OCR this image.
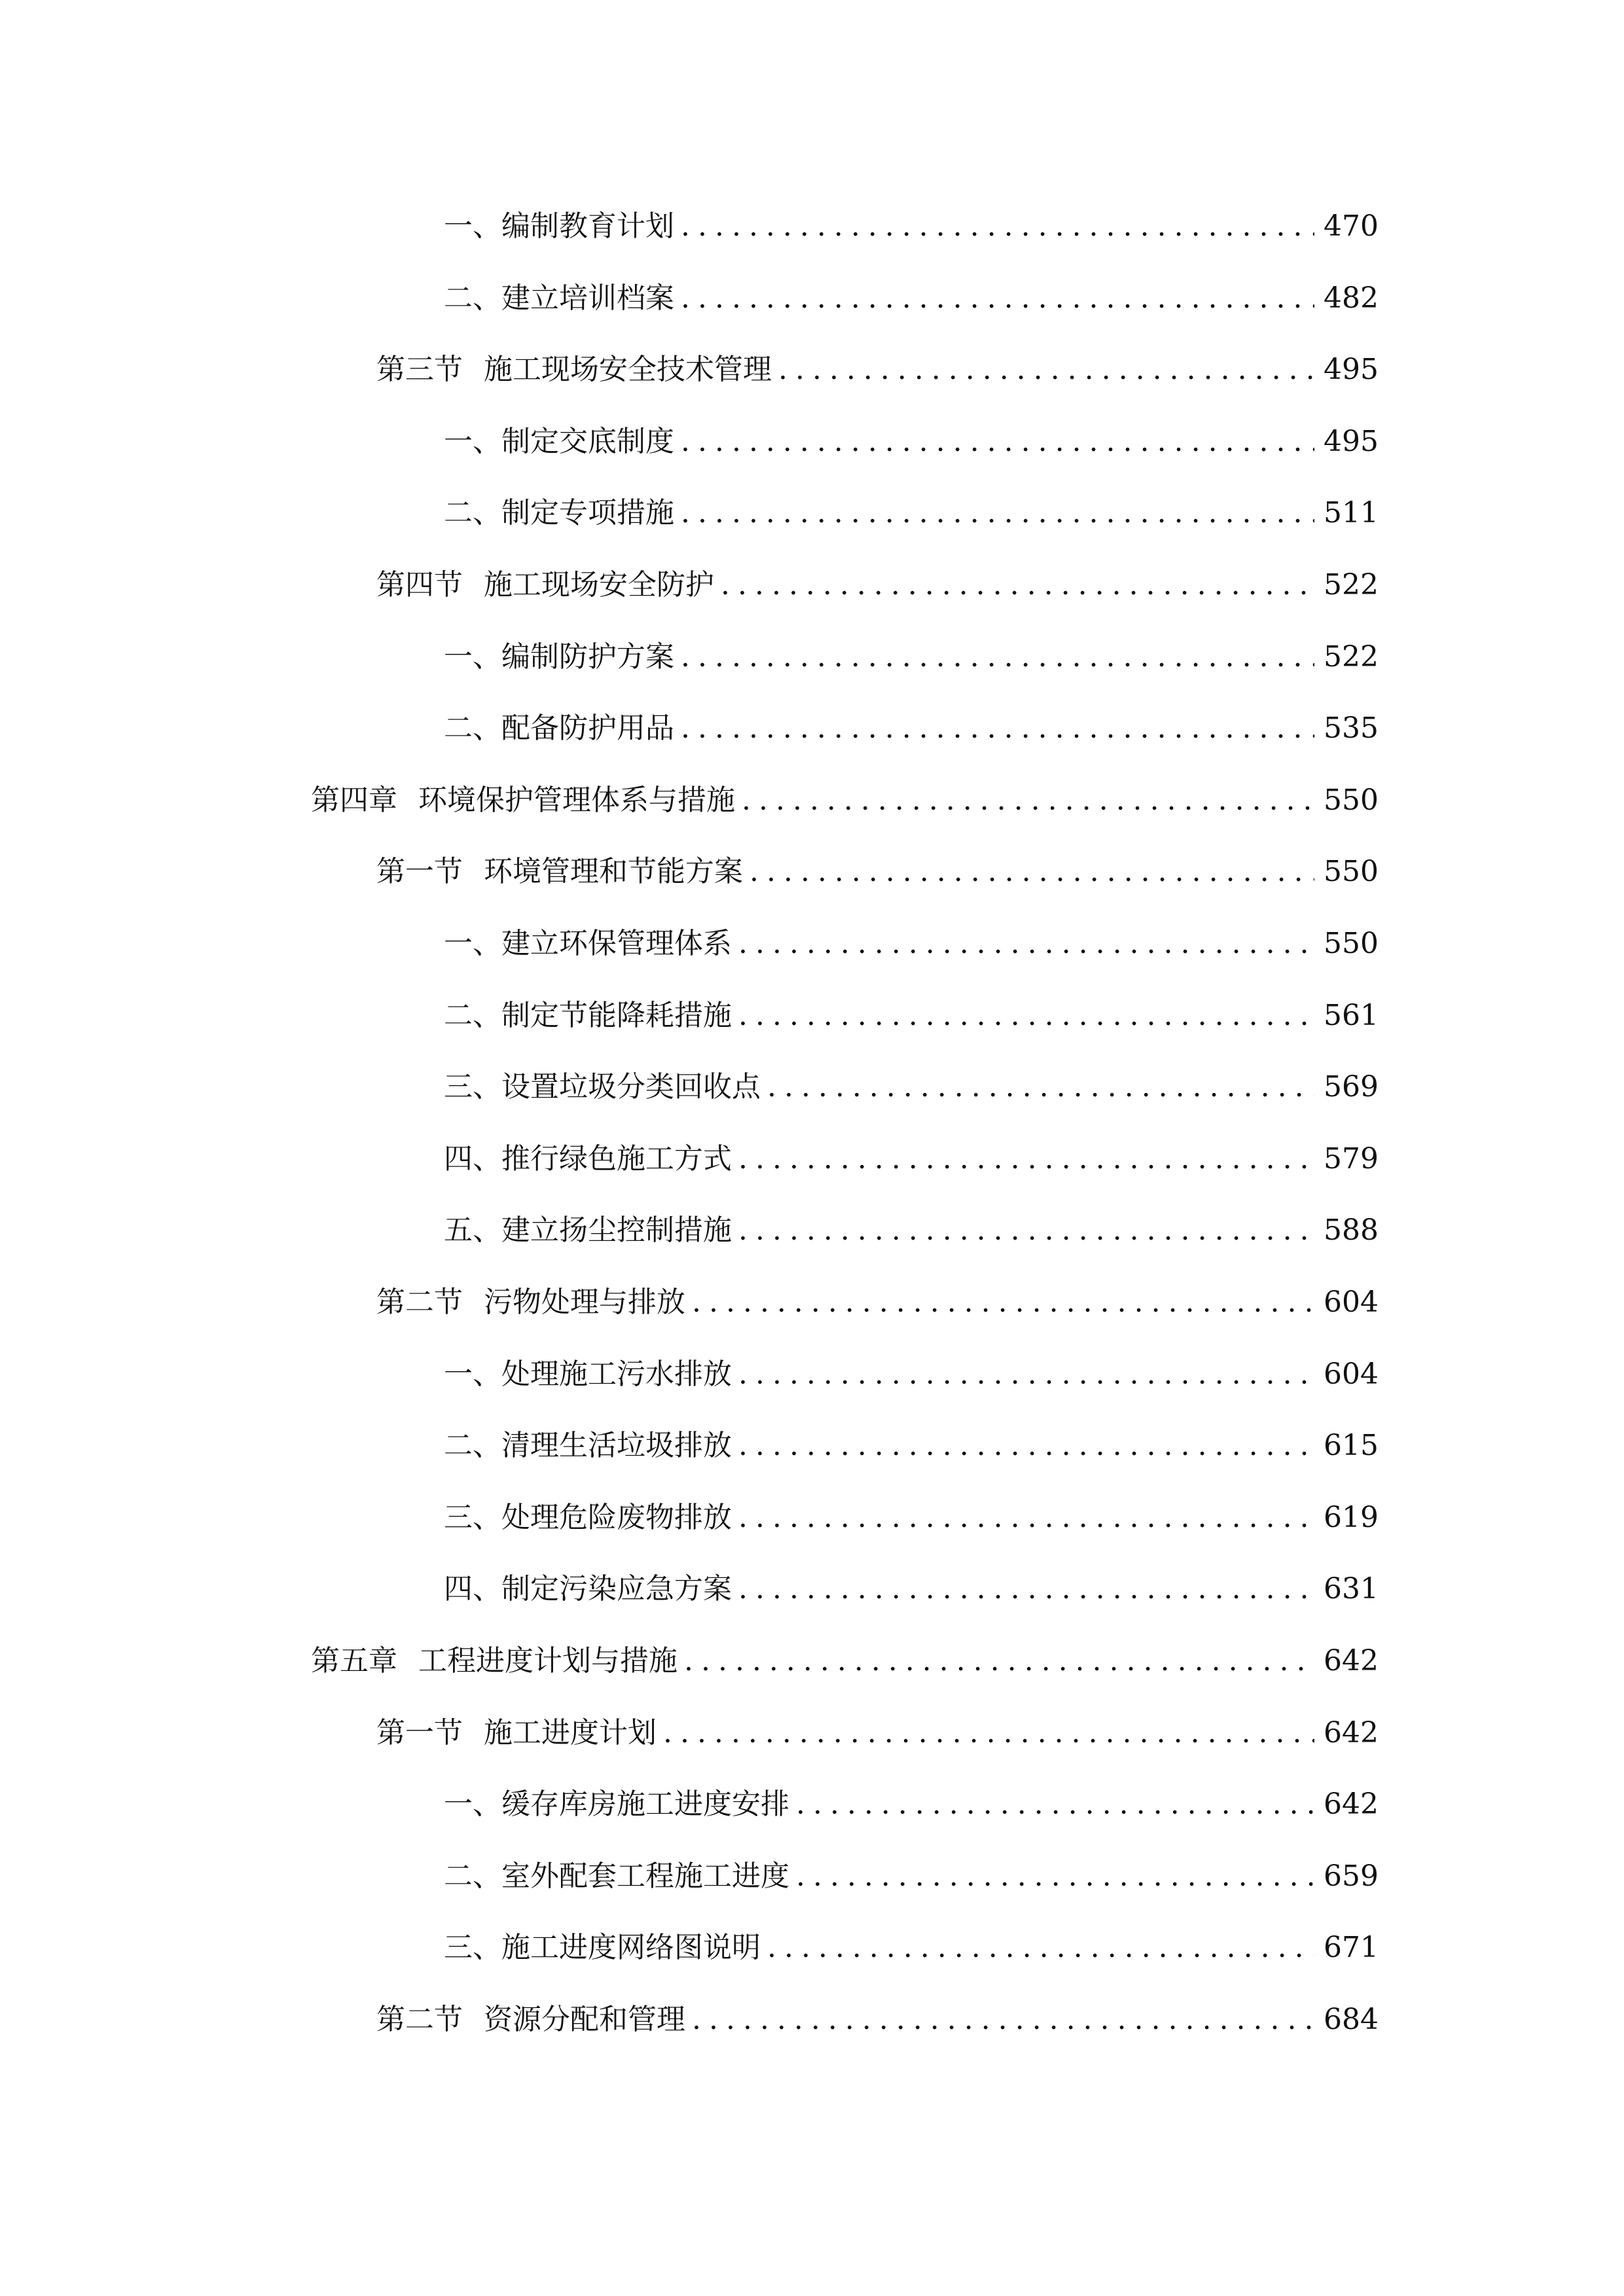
一、 编制教育计划 .....	470
二、 建立培训档案 .....	482
第三节 施工现场安全技术管理 .....	495
一、 制定交底制度 .....	495
二、 制定专项措施 .....	511
第四节 施工现场安全防护 .....	522
一、 编制防护方案 .....	522
二、 配备防护用品 .....	535
第四章 环境保护管理体系与措施 .....	550
第一节 环境管理和节能方案 .....	550
一、 建立环保管理体系 .....	550
二、 制定节能降耗措施 .....	561
三、 设置垃圾分类回收点 .....	569
四、 推行绿色施工方式 .....	579
五、 建立扬尘控制措施 .....	588
第二节 污物处理与排放 .....	604
一、 处理施工污水排放 .....	604
二、 清理生活垃圾排放 .....	615
三、 处理危险废物排放 .....	619
四、 制定污染应急方案 .....	631
第五章 工程进度计划与措施 .....	642
第一节 施工进度计划 .....	642
一、 缓存库房施工进度安排 .....	642
二、 室外配套工程施工进度 .....	659
三、 施工进度网络图说明 .....	671
第二节 资源分配和管理 .....	684
